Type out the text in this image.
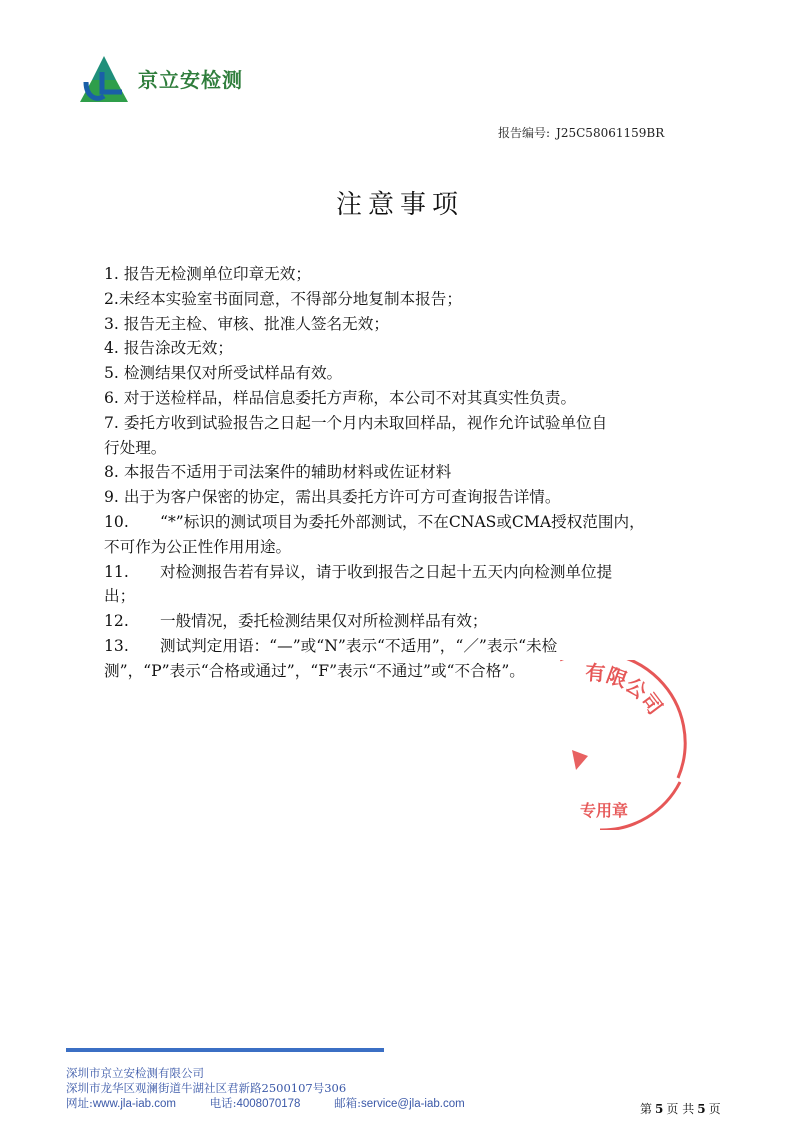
京立安检测
报告编号: J25C58061159BR
注意事项
1. 报告无检测单位印章无效；
2.未经本实验室书面同意，不得部分地复制本报告；
3. 报告无主检、审核、批准人签名无效；
4. 报告涂改无效；
5. 检测结果仅对所受试样品有效。
6. 对于送检样品，样品信息委托方声称，本公司不对其真实性负责。
7. 委托方收到试验报告之日起一个月内未取回样品，视作允许试验单位自
行处理。
8. 本报告不适用于司法案件的辅助材料或佐证材料
9. 出于为客户保密的协定，需出具委托方许可方可查询报告详情。
10.　　“*”标识的测试项目为委托外部测试，不在CNAS或CMA授权范围内，
不可作为公正性作用用途。
11.　　对检测报告若有异议，请于收到报告之日起十五天内向检测单位提
出；
12.　　一般情况，委托检测结果仅对所检测样品有效；
13.　　测试判定用语：“—”或“N”表示“不适用”，“／”表示“未检
测”，“P”表示“合格或通过”，“F”表示“不通过”或“不合格”。	有限公司
专用章
深圳市京立安检测有限公司
深圳市龙华区观澜街道牛湖社区君新路2500107号306
网址:www.jla-iab.com	电话:4008070178	邮箱:service@jla-iab.com	第 5 页 共 5 页
